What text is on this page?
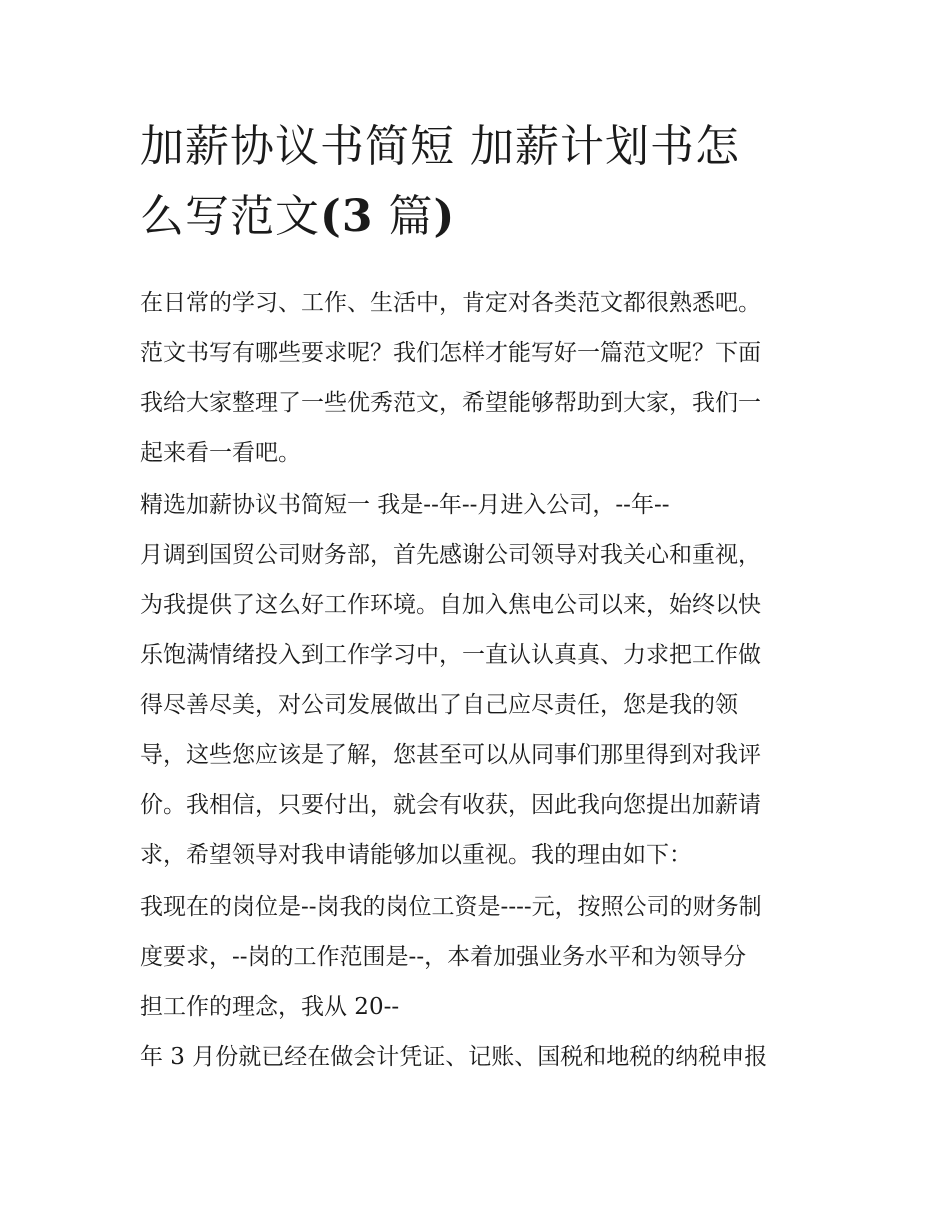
加薪协议书简短 加薪计划书怎
么写范文(3 篇)
在日常的学习、工作、生活中，肯定对各类范文都很熟悉吧。
范文书写有哪些要求呢？我们怎样才能写好一篇范文呢？下面
我给大家整理了一些优秀范文，希望能够帮助到大家，我们一
起来看一看吧。
精选加薪协议书简短一 我是--年--月进入公司，--年--
月调到国贸公司财务部，首先感谢公司领导对我关心和重视，
为我提供了这么好工作环境。自加入焦电公司以来，始终以快
乐饱满情绪投入到工作学习中，一直认认真真、力求把工作做
得尽善尽美，对公司发展做出了自己应尽责任，您是我的领
导，这些您应该是了解，您甚至可以从同事们那里得到对我评
价。我相信，只要付出，就会有收获，因此我向您提出加薪请
求，希望领导对我申请能够加以重视。我的理由如下：
我现在的岗位是--岗我的岗位工资是----元，按照公司的财务制
度要求，--岗的工作范围是--，本着加强业务水平和为领导分
担工作的理念，我从 20--
年 3 月份就已经在做会计凭证、记账、国税和地税的纳税申报
